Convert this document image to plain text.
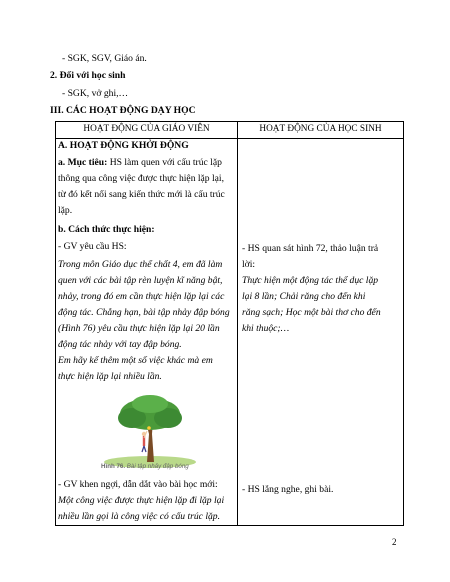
- SGK, SGV, Giáo án.
2. Đối với học sinh
- SGK, vở ghi,…
III. CÁC HOẠT ĐỘNG DẠY HỌC
HOẠT ĐỘNG CỦA GIÁO VIÊN	HOẠT ĐỘNG CỦA HỌC SINH
A. HOẠT ĐỘNG KHỞI ĐỘNG
a. Mục tiêu: HS làm quen với cấu trúc lặp
thông qua công việc được thực hiện lặp lại,
từ đó kết nối sang kiến thức mới là cấu trúc
lặp.
b. Cách thức thực hiện:
- GV yêu cầu HS:
Trong môn Giáo dục thể chất 4, em đã làm
quen với các bài tập rèn luyện kĩ năng bật,
nhảy, trong đó em cần thực hiện lặp lại các
động tác. Chẳng hạn, bài tập nhảy đập bóng
(Hình 76) yêu cầu thực hiện lặp lại 20 lần
động tác nhảy với tay đập bóng.
Em hãy kể thêm một số việc khác mà em
thực hiện lặp lại nhiều lần.
Hình 76. Bài tập nhảy đập bóng
- GV khen ngợi, dẫn dắt vào bài học mới:
Một công việc được thực hiện lặp đi lặp lại
nhiều lần gọi là công việc có cấu trúc lặp.
- HS quan sát hình 72, thảo luận trả
lời:
Thực hiện một động tác thể dục lặp
lại 8 lần; Chải răng cho đến khi
răng sạch; Học một bài thơ cho đến
khi thuộc;…
- HS lắng nghe, ghi bài.
2
